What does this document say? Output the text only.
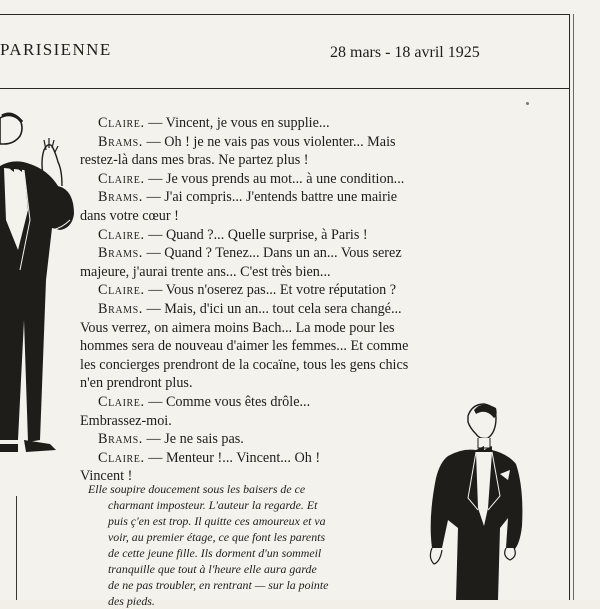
PARISIENNE	28 mars - 18 avril 1925
Claire. — Vincent, je vous en supplie...
Brams. — Oh ! je ne vais pas vous violenter... Mais
restez-là dans mes bras. Ne partez plus !
Claire. — Je vous prends au mot... à une condition...
Brams. — J'ai compris... J'entends battre une mairie
dans votre cœur !
Claire. — Quand ?... Quelle surprise, à Paris !
Brams. — Quand ? Tenez... Dans un an... Vous serez
majeure, j'aurai trente ans... C'est très bien...
Claire. — Vous n'oserez pas... Et votre réputation ?
Brams. — Mais, d'ici un an... tout cela sera changé...
Vous verrez, on aimera moins Bach... La mode pour les
hommes sera de nouveau d'aimer les femmes... Et comme
les concierges prendront de la cocaïne, tous les gens chics
n'en prendront plus.
Claire. — Comme vous êtes drôle...
Embrassez-moi.
Brams. — Je ne sais pas.
Claire. — Menteur !... Vincent... Oh !
Vincent !
Elle soupire doucement sous les baisers de ce
charmant imposteur. L'auteur la regarde. Et
puis ç'en est trop. Il quitte ces amoureux et va
voir, au premier étage, ce que font les parents
de cette jeune fille. Ils dorment d'un sommeil
tranquille que tout à l'heure elle aura garde
de ne pas troubler, en rentrant — sur la pointe
des pieds.
